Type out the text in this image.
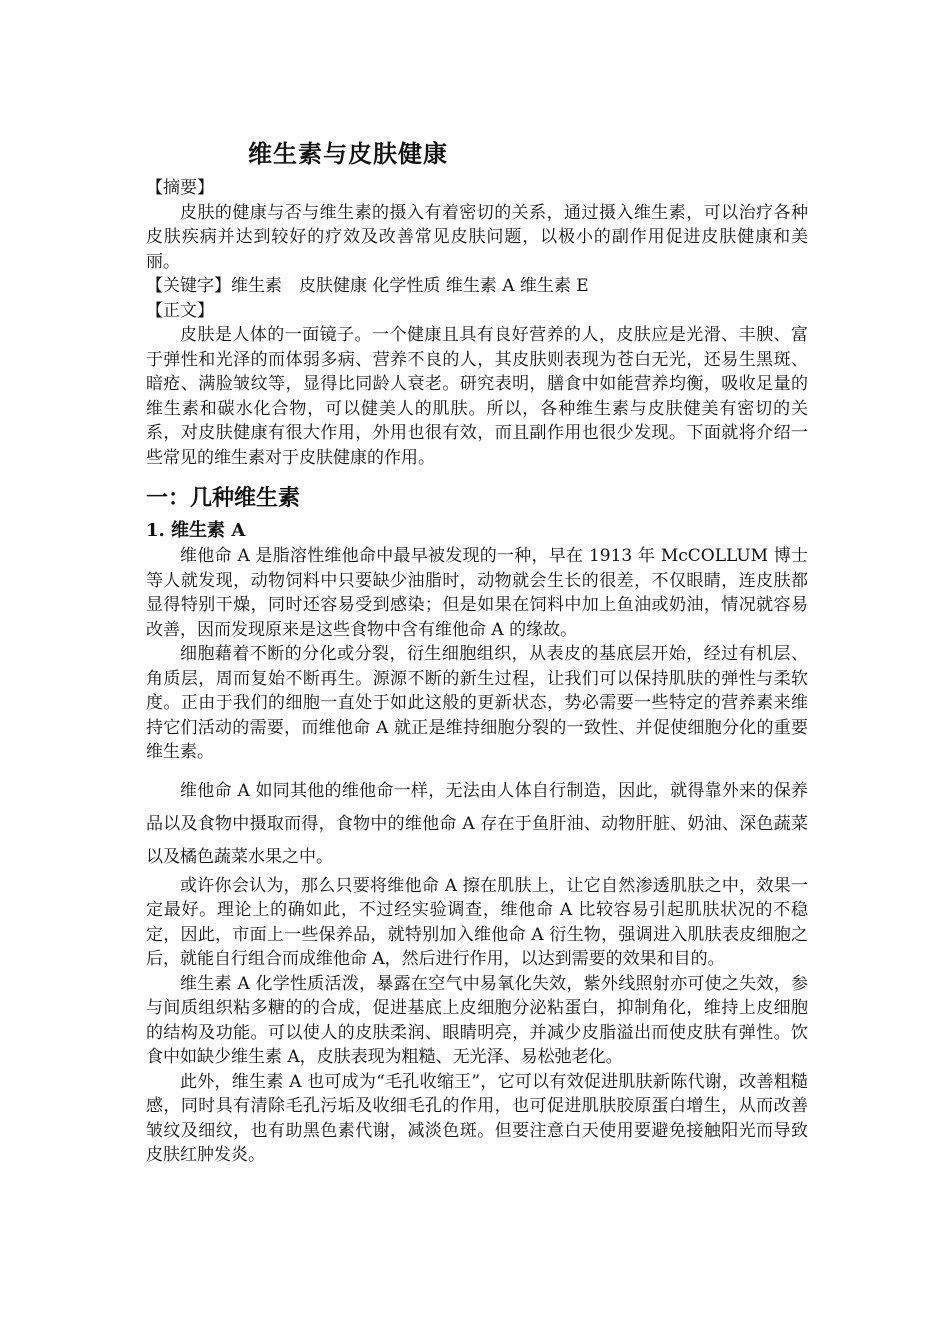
维生素与皮肤健康
【摘要】

皮肤的健康与否与维生素的摄入有着密切的关系，通过摄入维生素，可以治疗各种皮肤疾病并达到较好的疗效及改善常见皮肤问题，以极小的副作用促进皮肤健康和美丽。

【关键字】维生素　皮肤健康 化学性质 维生素 A 维生素 E
【正文】

皮肤是人体的一面镜子。一个健康且具有良好营养的人，皮肤应是光滑、丰腴、富于弹性和光泽的而体弱多病、营养不良的人，其皮肤则表现为苍白无光，还易生黑斑、暗疮、满脸皱纹等，显得比同龄人衰老。研究表明，膳食中如能营养均衡，吸收足量的维生素和碳水化合物，可以健美人的肌肤。所以，各种维生素与皮肤健美有密切的关系，对皮肤健康有很大作用，外用也很有效，而且副作用也很少发现。下面就将介绍一些常见的维生素对于皮肤健康的作用。

一：几种维生素
1. 维生素 A

维他命 A 是脂溶性维他命中最早被发现的一种，早在 1913 年 McCOLLUM 博士等人就发现，动物饲料中只要缺少油脂时，动物就会生长的很差，不仅眼睛，连皮肤都显得特别干燥，同时还容易受到感染；但是如果在饲料中加上鱼油或奶油，情况就容易改善，因而发现原来是这些食物中含有维他命 A 的缘故。

细胞藉着不断的分化或分裂，衍生细胞组织，从表皮的基底层开始，经过有机层、角质层，周而复始不断再生。源源不断的新生过程，让我们可以保持肌肤的弹性与柔软度。正由于我们的细胞一直处于如此这般的更新状态，势必需要一些特定的营养素来维持它们活动的需要，而维他命 A 就正是维持细胞分裂的一致性、并促使细胞分化的重要维生素。

维他命 A 如同其他的维他命一样，无法由人体自行制造，因此，就得靠外来的保养品以及食物中摄取而得，食物中的维他命 A 存在于鱼肝油、动物肝脏、奶油、深色蔬菜以及橘色蔬菜水果之中。

或许你会认为，那么只要将维他命 A 擦在肌肤上，让它自然渗透肌肤之中，效果一定最好。理论上的确如此，不过经实验调查，维他命 A 比较容易引起肌肤状况的不稳定，因此，市面上一些保养品，就特别加入维他命 A 衍生物，强调进入肌肤表皮细胞之后，就能自行组合而成维他命 A，然后进行作用，以达到需要的效果和目的。

维生素 A 化学性质活泼，暴露在空气中易氧化失效，紫外线照射亦可使之失效，参与间质组织粘多糖的的合成，促进基底上皮细胞分泌粘蛋白，抑制角化，维持上皮细胞的结构及功能。可以使人的皮肤柔润、眼睛明亮，并减少皮脂溢出而使皮肤有弹性。饮食中如缺少维生素 A，皮肤表现为粗糙、无光泽、易松弛老化。

此外，维生素 A 也可成为“毛孔收缩王”，它可以有效促进肌肤新陈代谢，改善粗糙感，同时具有清除毛孔污垢及收细毛孔的作用，也可促进肌肤胶原蛋白增生，从而改善皱纹及细纹，也有助黑色素代谢，减淡色斑。但要注意白天使用要避免接触阳光而导致皮肤红肿发炎。
